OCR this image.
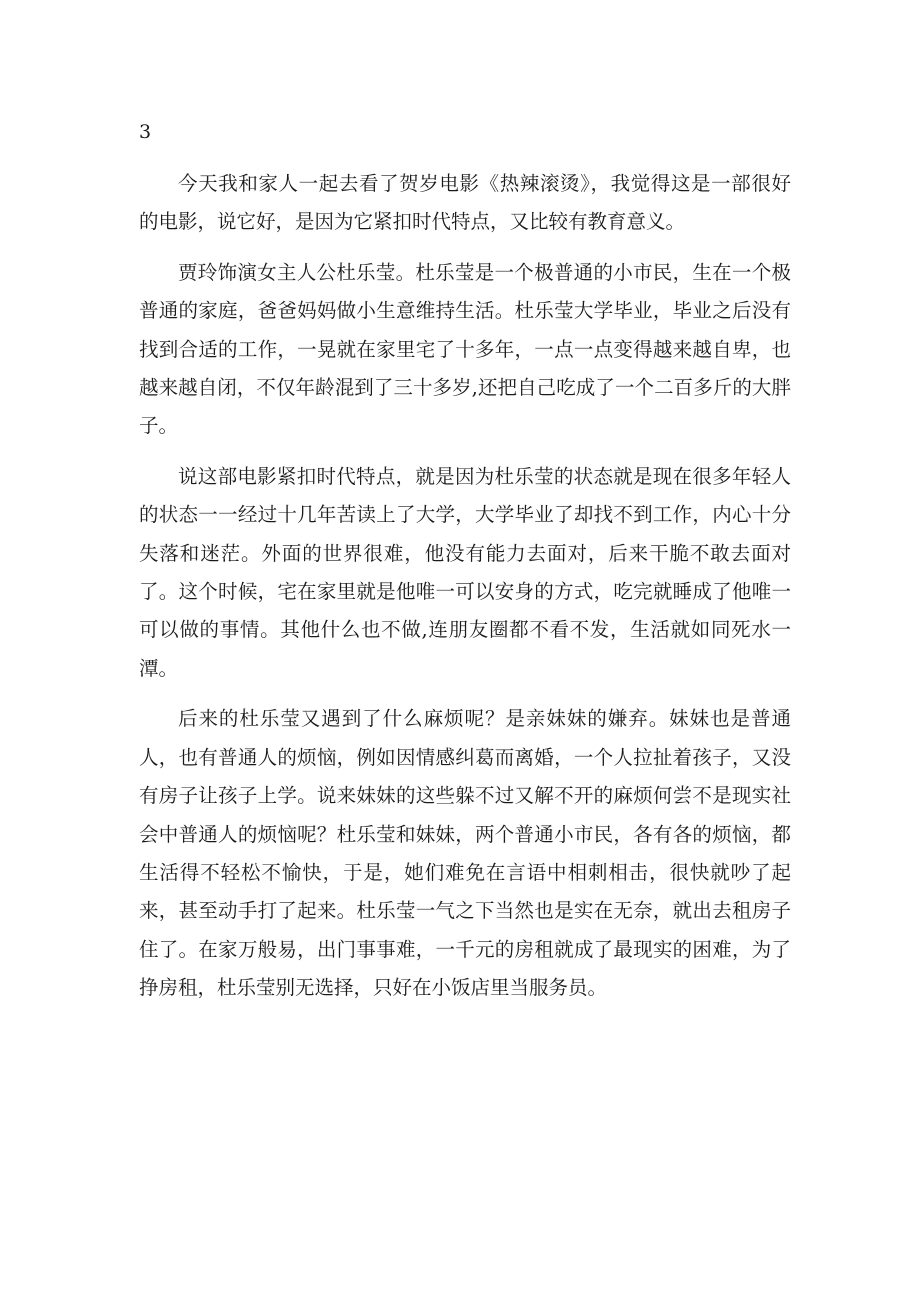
3

今天我和家人一起去看了贺岁电影《热辣滚烫》，我觉得这是一部很好的电影，说它好，是因为它紧扣时代特点，又比较有教育意义。

贾玲饰演女主人公杜乐莹。杜乐莹是一个极普通的小市民，生在一个极普通的家庭，爸爸妈妈做小生意维持生活。杜乐莹大学毕业，毕业之后没有找到合适的工作，一晃就在家里宅了十多年，一点一点变得越来越自卑，也越来越自闭，不仅年龄混到了三十多岁,还把自己吃成了一个二百多斤的大胖子。

说这部电影紧扣时代特点，就是因为杜乐莹的状态就是现在很多年轻人的状态一一经过十几年苦读上了大学，大学毕业了却找不到工作，内心十分失落和迷茫。外面的世界很难，他没有能力去面对，后来干脆不敢去面对了。这个时候，宅在家里就是他唯一可以安身的方式，吃完就睡成了他唯一可以做的事情。其他什么也不做,连朋友圈都不看不发，生活就如同死水一潭。

后来的杜乐莹又遇到了什么麻烦呢？是亲妹妹的嫌弃。妹妹也是普通人，也有普通人的烦恼，例如因情感纠葛而离婚，一个人拉扯着孩子，又没有房子让孩子上学。说来妹妹的这些躲不过又解不开的麻烦何尝不是现实社会中普通人的烦恼呢？杜乐莹和妹妹，两个普通小市民，各有各的烦恼，都生活得不轻松不愉快，于是，她们难免在言语中相刺相击，很快就吵了起来，甚至动手打了起来。杜乐莹一气之下当然也是实在无奈，就出去租房子住了。在家万般易，出门事事难，一千元的房租就成了最现实的困难，为了挣房租，杜乐莹别无选择，只好在小饭店里当服务员。
